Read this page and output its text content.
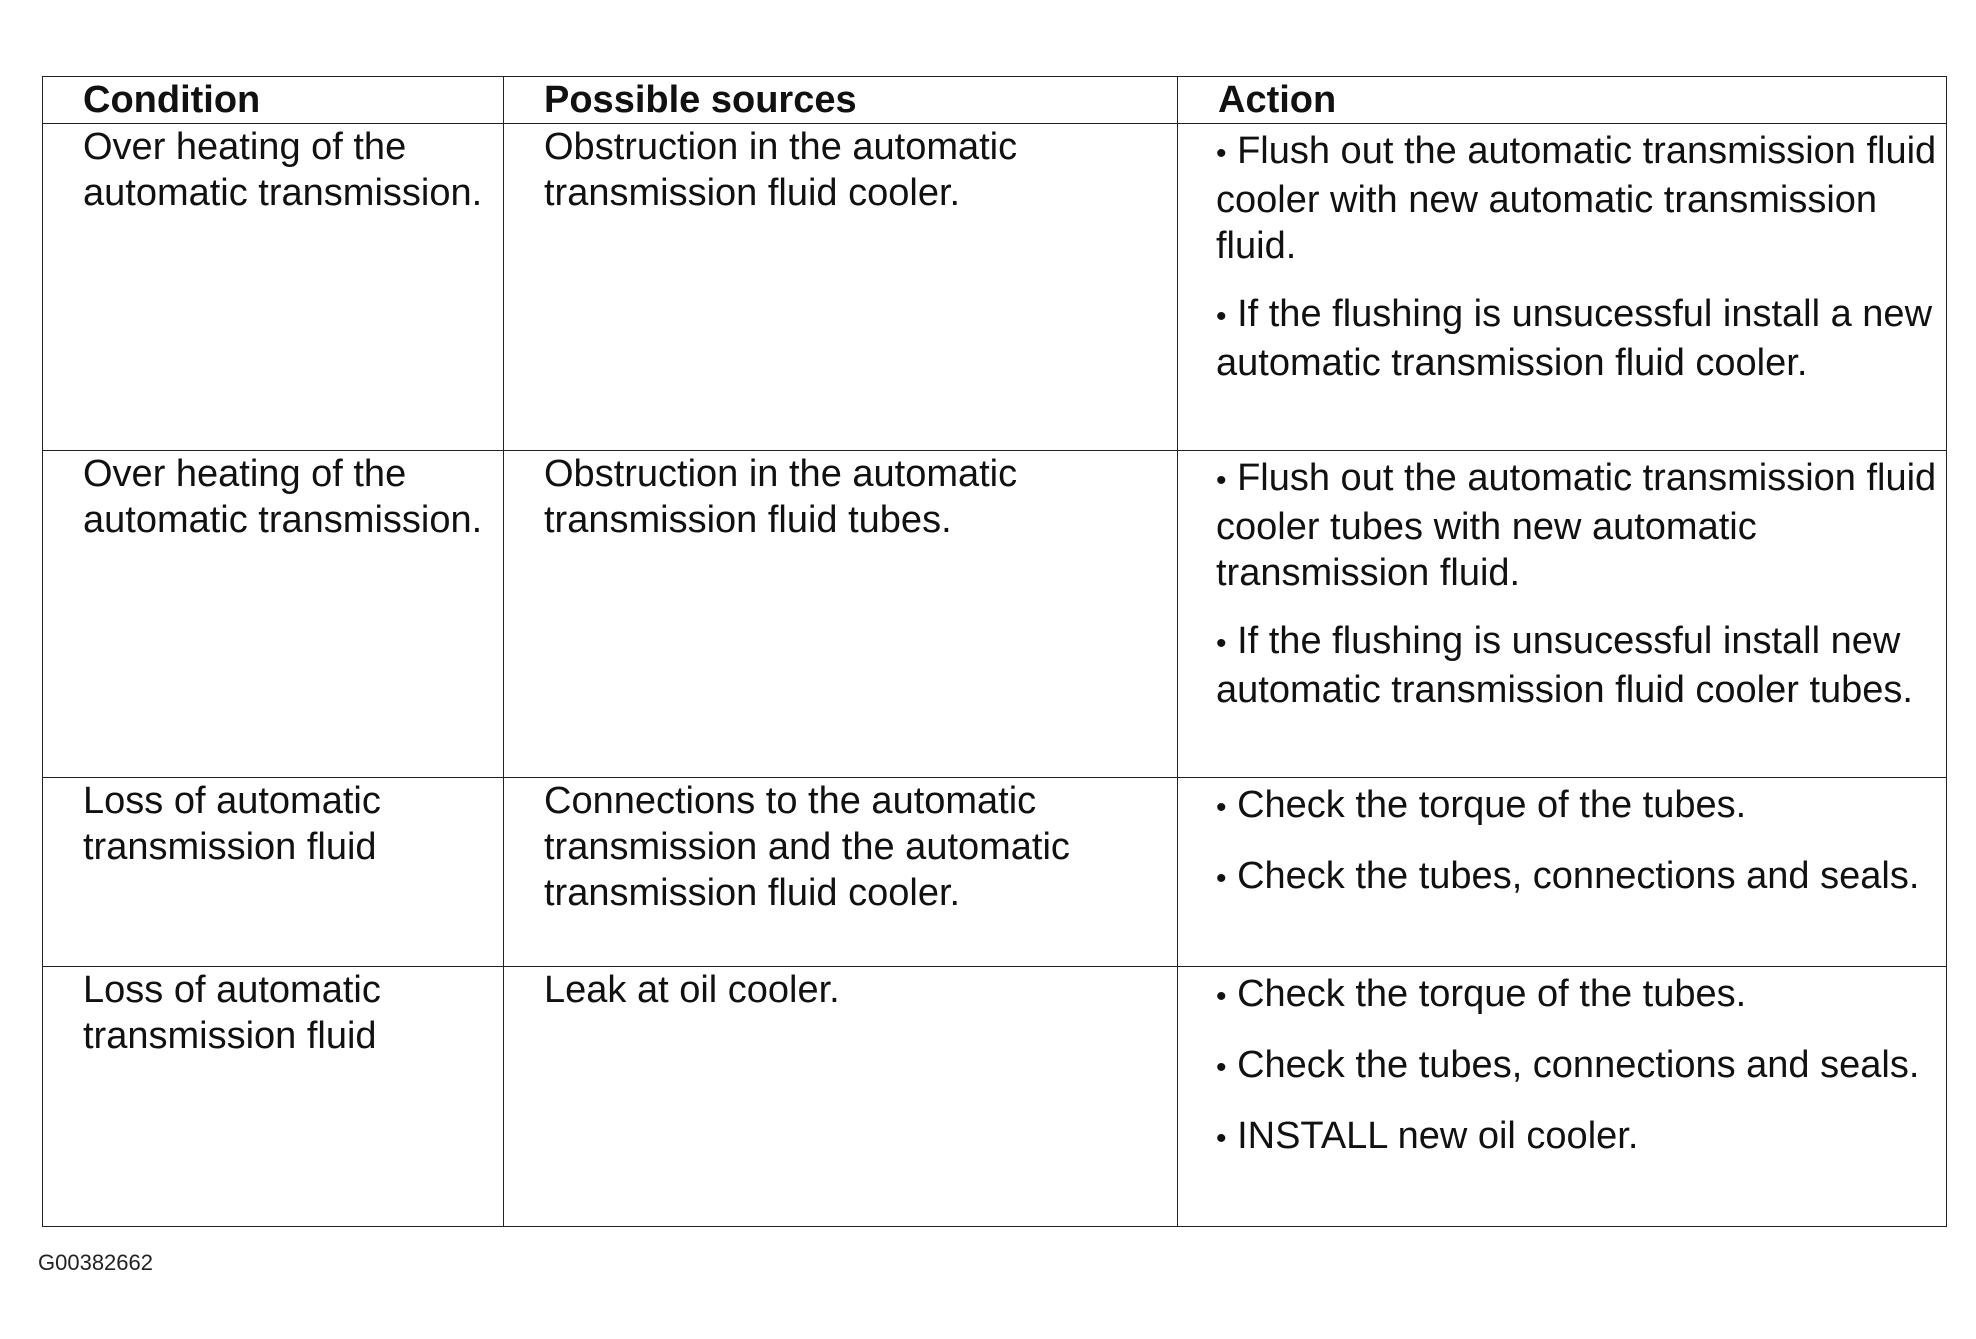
Condition	Possible sources	Action
Over heating of the automatic transmission.	Obstruction in the automatic transmission fluid cooler.	• Flush out the automatic transmission fluid cooler with new automatic transmission fluid.
• If the flushing is unsucessful install a new automatic transmission fluid cooler.

Over heating of the automatic transmission.	Obstruction in the automatic transmission fluid tubes.	• Flush out the automatic transmission fluid cooler tubes with new automatic transmission fluid.
• If the flushing is unsucessful install new automatic transmission fluid cooler tubes.

Loss of automatic transmission fluid	Connections to the automatic transmission and the automatic transmission fluid cooler.	• Check the torque of the tubes.
• Check the tubes, connections and seals.

Loss of automatic transmission fluid	Leak at oil cooler.	• Check the torque of the tubes.
• Check the tubes, connections and seals.
• INSTALL new oil cooler.
G00382662
